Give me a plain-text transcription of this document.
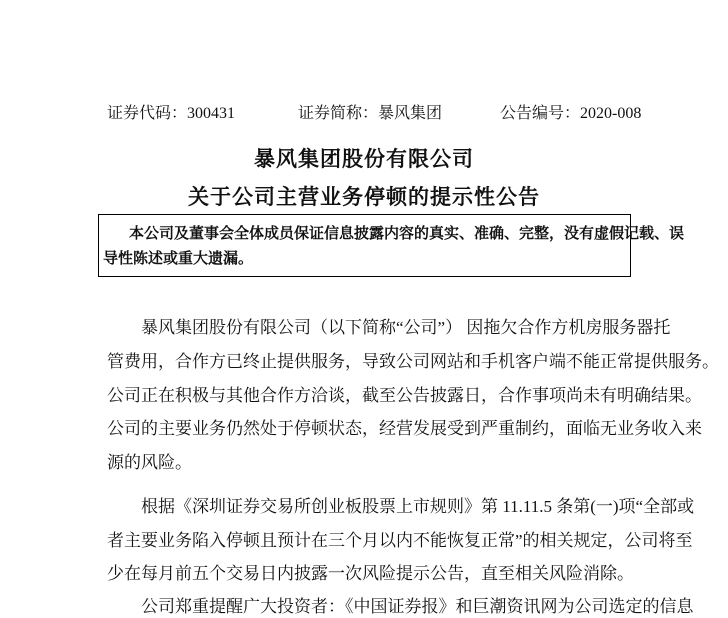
证券代码：300431	证券简称：暴风集团	公告编号：2020-008
暴风集团股份有限公司
关于公司主营业务停顿的提示性公告
本公司及董事会全体成员保证信息披露内容的真实、准确、完整，没有虚假记载、误
导性陈述或重大遗漏。
暴风集团股份有限公司（以下简称“公司”） 因拖欠合作方机房服务器托
管费用，合作方已终止提供服务，导致公司网站和手机客户端不能正常提供服务。
公司正在积极与其他合作方洽谈，截至公告披露日，合作事项尚未有明确结果。
公司的主要业务仍然处于停顿状态，经营发展受到严重制约，面临无业务收入来
源的风险。
根据《深圳证券交易所创业板股票上市规则》第 11.11.5 条第(一)项“全部或
者主要业务陷入停顿且预计在三个月以内不能恢复正常”的相关规定，公司将至
少在每月前五个交易日内披露一次风险提示公告，直至相关风险消除。
公司郑重提醒广大投资者：《中国证券报》和巨潮资讯网为公司选定的信息
